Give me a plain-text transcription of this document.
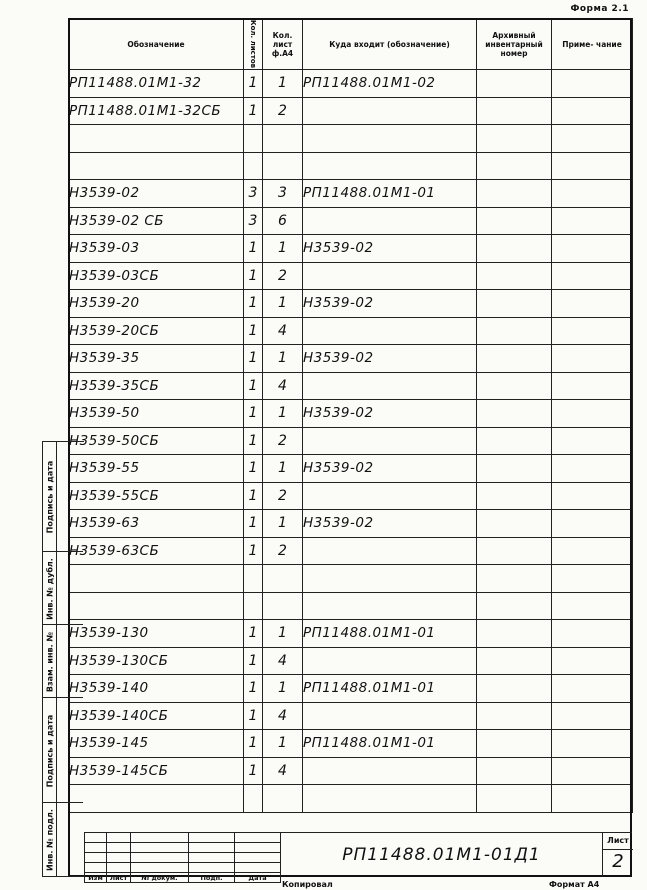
Форма 2.1
Обозначение	Кол. листов	Кол. лист ф.А4	Куда входит (обозначение)	Архивный инвентарный номер	Приме- чание
РП11488.01М1-32	1	1	РП11488.01М1-02		
РП11488.01М1-32СБ	1	2			

Н3539-02	3	3	РП11488.01М1-01		
Н3539-02 СБ	3	6			
Н3539-03	1	1	Н3539-02		
Н3539-03СБ	1	2			
Н3539-20	1	1	Н3539-02		
Н3539-20СБ	1	4			
Н3539-35	1	1	Н3539-02		
Н3539-35СБ	1	4			
Н3539-50	1	1	Н3539-02		
Н3539-50СБ	1	2			
Н3539-55	1	1	Н3539-02		
Н3539-55СБ	1	2			
Н3539-63	1	1	Н3539-02		
Н3539-63СБ	1	2			

Н3539-130	1	1	РП11488.01М1-01		
Н3539-130СБ	1	4			
Н3539-140	1	1	РП11488.01М1-01		
Н3539-140СБ	1	4			
Н3539-145	1	1	РП11488.01М1-01		
Н3539-145СБ	1	4			

Подпись и дата
Инв. № дубл.
Взам. инв. №
Подпись и дата
Инв. № подл.

Изм	Лист	№ докум.	Подп.	Дата
РП11488.01М1-01Д1
Лист
2
Копировал	Формат А4
